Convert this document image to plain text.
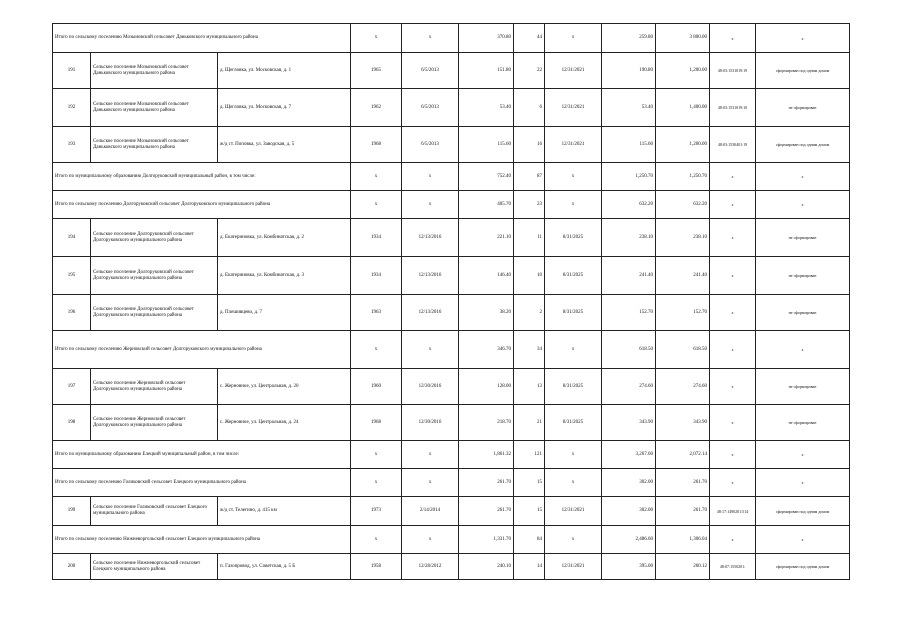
Итого по сельскому поселению Мозыновский сельсовет Даньковского муниципального района			х	х	370.80	44	х	259.80	3 800.00	х	х
191	Сельское поселение Мозыновский сельсовет Даньковского муниципального района	д. Щегловка, ул. Московская, д. 1	1965	6/5/2013	151.80	22	12/31/2021	190.80	1,200.00	48:03:1531019:19	сформирован под одним домом
192	Сельское поселение Мозыновский сельсовет Даньковского муниципального района	д. Щегловка, ул. Московская, д. 7	1962	6/5/2013	53.40	6	12/31/2021	53.40	1,400.00	48:03:1531019:10	не сформирован
193	Сельское поселение Мозыновский сельсовет Даньковского муниципального района	ж/д ст. Поповка, ул. Заводская, д. 5	1968	6/5/2013	115.60	16	12/31/2021	115.60	1,200.00	48:03:1530401:19	сформирован под одним домом
Итого по муниципальному образованию Долгоруковский муниципальный район, в том числе:			х	х	752.40	87	х	1,250.70	1,250.70	х	х
Итого по сельскому поселению Долгоруковский сельсовет Долгоруковского муниципального района			х	х	405.70	23	х	632.20	632.20	х	х
194	Сельское поселение Долгоруковский сельсовет Долгоруковского муниципального района	д. Екатериновка, ул. Комбинатская, д. 2	1934	12/13/2016	221.10	11	8/31/2025	238.10	238.10	х	не сформирован
195	Сельское поселение Долгоруковский сельсовет Долгоруковского муниципального района	д. Екатериновка, ул. Комбинатская, д. 3	1934	12/13/2016	146.40	10	8/31/2025	241.40	241.40	х	не сформирован
196	Сельское поселение Долгоруковский сельсовет Долгоруковского муниципального района	д. Плешивцево, д. 7	1963	12/13/2016	38.20	2	8/31/2025	152.70	152.70	х	не сформирован
Итого по сельскому поселению Жерновский сельсовет Долгоруковского муниципального района			х	х	346.70	34	х	618.50	618.50	х	х
197	Сельское поселение Жерновский сельсовет Долгоруковского муниципального района	с. Жерновное, ул. Центральная, д. 20	1960	12/30/2016	128.00	13	8/31/2025	274.60	274.60	х	не сформирован
198	Сельское поселение Жерновский сельсовет Долгоруковского муниципального района	с. Жерновное, ул. Центральная, д. 24	1968	12/30/2016	218.70	21	8/31/2025	343.90	343.90	х	не сформирован
Итого по муниципальному образованию Елецкий муниципальный район, в том числе:			х	х	1,861.32	121	х	3,267.60	2,072.14	х	х
Итого по сельскому поселению Голиковский сельсовет Елецкого муниципального района			х	х	261.70	15	х	302.00	261.70	х	х
199	Сельское поселение Голиковский сельсовет Елецкого муниципального района	ж/д ст. Телегино, д. 415 км	1973	2/14/2014	261.70	15	12/31/2021	302.00	261.70	48:17:1490201:514	сформирован под одним домом
Итого по сельскому поселению Нижневоргольский сельсовет Елецкого муниципального района			х	х	1,331.70	84	х	2,486.60	1,306.04	х	х
200	Сельское поселение Нижневоргольский сельсовет Елецкого муниципального района	п. Газопровод, ул. Советская, д. 5 Б	1958	12/28/2012	240.10	14	12/31/2021	395.00	260.12	48:07:1550201:	сформирован под одним домом
